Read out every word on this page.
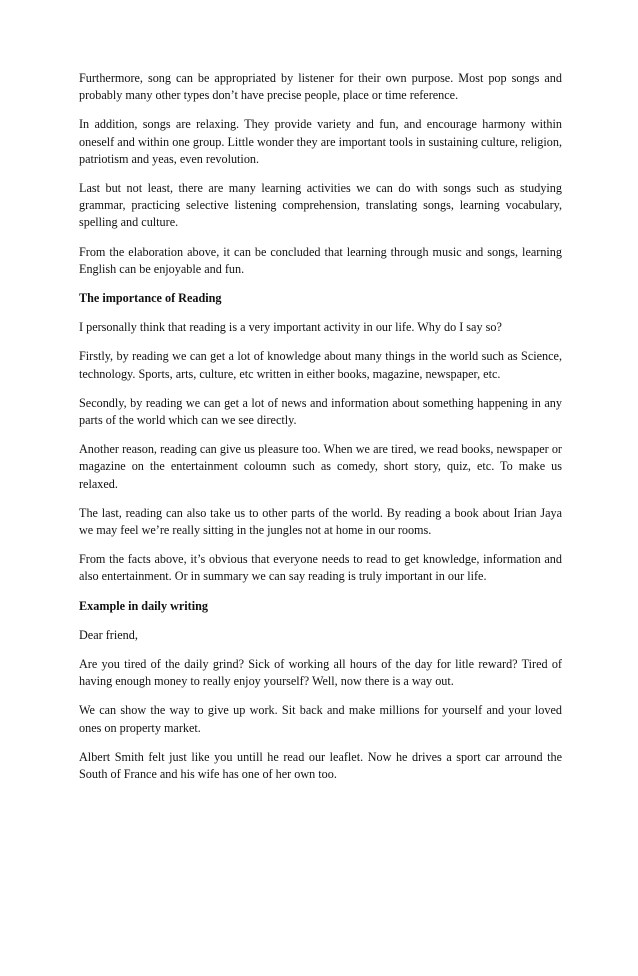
Furthermore, song can be appropriated by listener for their own purpose. Most pop songs and probably many other types don’t have precise people, place or time reference.

In addition, songs are relaxing. They provide variety and fun, and encourage harmony within oneself and within one group. Little wonder they are important tools in sustaining culture, religion, patriotism and yeas, even revolution.

Last but not least, there are many learning activities we can do with songs such as studying grammar, practicing selective listening comprehension, translating songs, learning vocabulary, spelling and culture.

From the elaboration above, it can be concluded that learning through music and songs, learning English can be enjoyable and fun.

The importance of Reading

I personally think that reading is a very important activity in our life. Why do I say so?

Firstly, by reading we can get a lot of knowledge about many things in the world such as Science, technology. Sports, arts, culture, etc written in either books, magazine, newspaper, etc.

Secondly, by reading we can get a lot of news and information about something happening in any parts of the world which can we see directly.

Another reason, reading can give us pleasure too. When we are tired, we read books, newspaper or magazine on the entertainment coloumn such as comedy, short story, quiz, etc. To make us relaxed.

The last, reading can also take us to other parts of the world. By reading a book about Irian Jaya we may feel we’re really sitting in the jungles not at home in our rooms.

From the facts above, it’s obvious that everyone needs to read to get knowledge, information and also entertainment. Or in summary we can say reading is truly important in our life.

Example in daily writing

Dear friend,

Are you tired of the daily grind? Sick of working all hours of the day for litle reward? Tired of having enough money to really enjoy yourself? Well, now there is a way out.

We can show the way to give up work. Sit back and make millions for yourself and your loved ones on property market.

Albert Smith felt just like you untill he read our leaflet. Now he drives a sport car arround the South of France and his wife has one of her own too.
